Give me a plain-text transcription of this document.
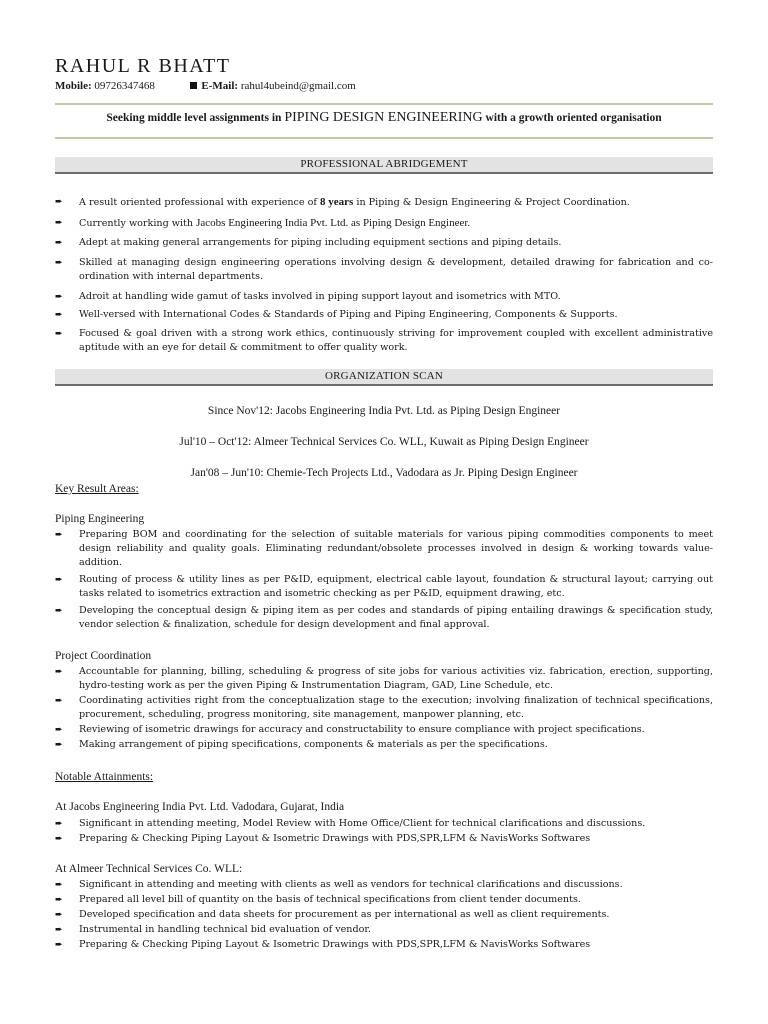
RAHUL R BHATT
Mobile: 09726347468	E-Mail: rahul4ubeind@gmail.com
Seeking middle level assignments in PIPING DESIGN ENGINEERING with a growth oriented organisation
PROFESSIONAL ABRIDGEMENT
➨ A result oriented professional with experience of 8 years in Piping & Design Engineering & Project Coordination.
➨ Currently working with Jacobs Engineering India Pvt. Ltd. as Piping Design Engineer.
➨ Adept at making general arrangements for piping including equipment sections and piping details.
➨ Skilled at managing design engineering operations involving design & development, detailed drawing for fabrication and co-ordination with internal departments.
➨ Adroit at handling wide gamut of tasks involved in piping support layout and isometrics with MTO.
➨ Well-versed with International Codes & Standards of Piping and Piping Engineering, Components & Supports.
➨ Focused & goal driven with a strong work ethics, continuously striving for improvement coupled with excellent administrative aptitude with an eye for detail & commitment to offer quality work.
ORGANIZATION SCAN
Since Nov'12: Jacobs Engineering India Pvt. Ltd. as Piping Design Engineer
Jul'10 – Oct'12: Almeer Technical Services Co. WLL, Kuwait as Piping Design Engineer
Jan'08 – Jun'10: Chemie-Tech Projects Ltd., Vadodara as Jr. Piping Design Engineer
Key Result Areas:
Piping Engineering
➨ Preparing BOM and coordinating for the selection of suitable materials for various piping commodities components to meet design reliability and quality goals. Eliminating redundant/obsolete processes involved in design & working towards value-addition.
➨ Routing of process & utility lines as per P&ID, equipment, electrical cable layout, foundation & structural layout; carrying out tasks related to isometrics extraction and isometric checking as per P&ID, equipment drawing, etc.
➨ Developing the conceptual design & piping item as per codes and standards of piping entailing drawings & specification study, vendor selection & finalization, schedule for design development and final approval.
Project Coordination
➨ Accountable for planning, billing, scheduling & progress of site jobs for various activities viz. fabrication, erection, supporting, hydro-testing work as per the given Piping & Instrumentation Diagram, GAD, Line Schedule, etc.
➨ Coordinating activities right from the conceptualization stage to the execution; involving finalization of technical specifications, procurement, scheduling, progress monitoring, site management, manpower planning, etc.
➨ Reviewing of isometric drawings for accuracy and constructability to ensure compliance with project specifications.
➨ Making arrangement of piping specifications, components & materials as per the specifications.
Notable Attainments:
At Jacobs Engineering India Pvt. Ltd. Vadodara, Gujarat, India
➨ Significant in attending meeting, Model Review with Home Office/Client for technical clarifications and discussions.
➨ Preparing & Checking Piping Layout & Isometric Drawings with PDS,SPR,LFM & NavisWorks Softwares
At Almeer Technical Services Co. WLL:
➨ Significant in attending and meeting with clients as well as vendors for technical clarifications and discussions.
➨ Prepared all level bill of quantity on the basis of technical specifications from client tender documents.
➨ Developed specification and data sheets for procurement as per international as well as client requirements.
➨ Instrumental in handling technical bid evaluation of vendor.
➨ Preparing & Checking Piping Layout & Isometric Drawings with PDS,SPR,LFM & NavisWorks Softwares
